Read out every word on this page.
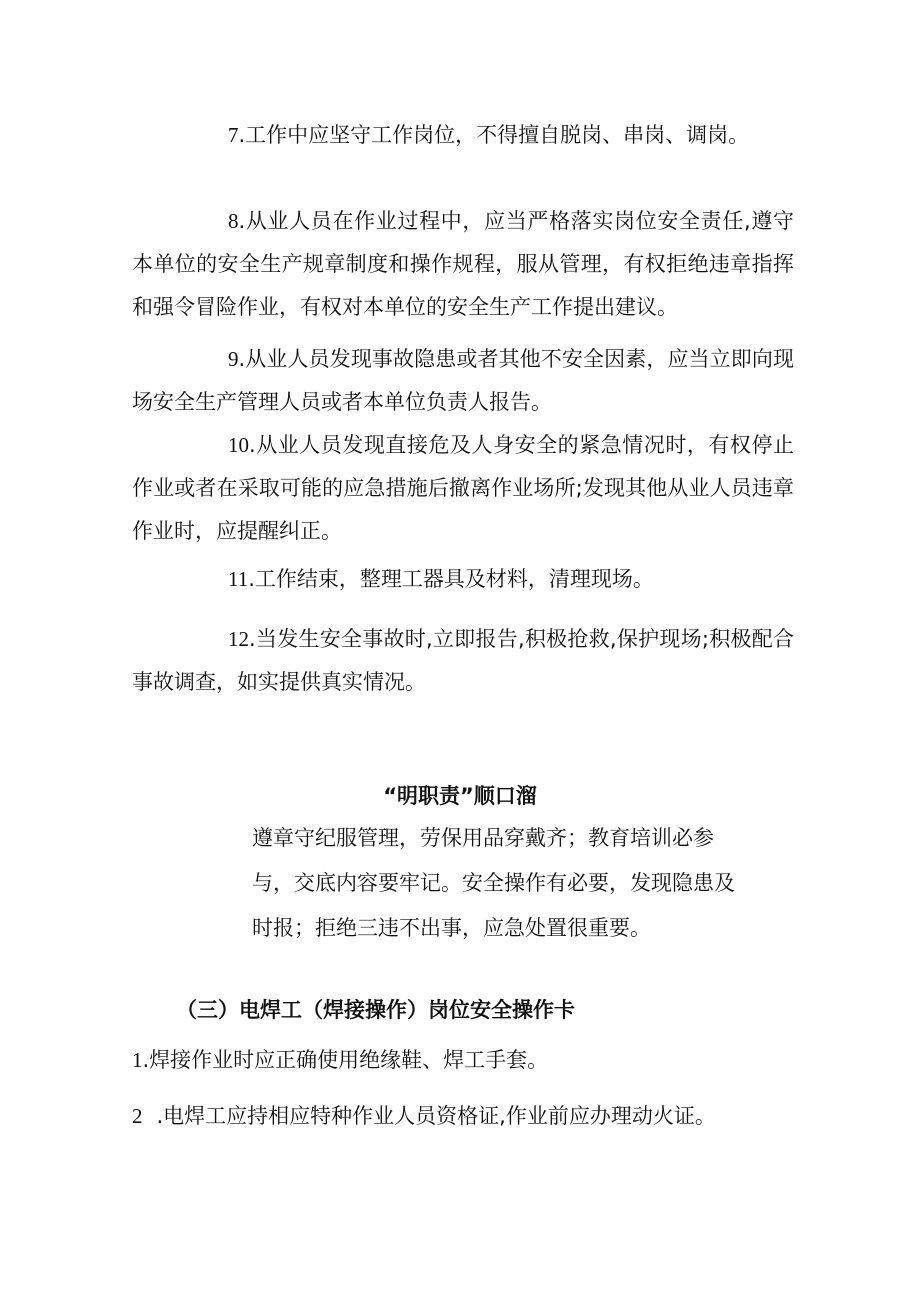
7.工作中应坚守工作岗位，不得擅自脱岗、串岗、调岗。

8.从业人员在作业过程中，应当严格落实岗位安全责任,遵守本单位的安全生产规章制度和操作规程，服从管理，有权拒绝违章指挥和强令冒险作业，有权对本单位的安全生产工作提出建议。

9.从业人员发现事故隐患或者其他不安全因素，应当立即向现场安全生产管理人员或者本单位负责人报告。

10.从业人员发现直接危及人身安全的紧急情况时，有权停止作业或者在采取可能的应急措施后撤离作业场所;发现其他从业人员违章作业时，应提醒纠正。

11.工作结束，整理工器具及材料，清理现场。

12.当发生安全事故时,立即报告,积极抢救,保护现场;积极配合事故调查，如实提供真实情况。

“明职责”顺口溜

遵章守纪服管理，劳保用品穿戴齐；教育培训必参

与，交底内容要牢记。安全操作有必要，发现隐患及

时报；拒绝三违不出事，应急处置很重要。

（三）电焊工（焊接操作）岗位安全操作卡

1.焊接作业时应正确使用绝缘鞋、焊工手套。

2 .电焊工应持相应特种作业人员资格证,作业前应办理动火证。
